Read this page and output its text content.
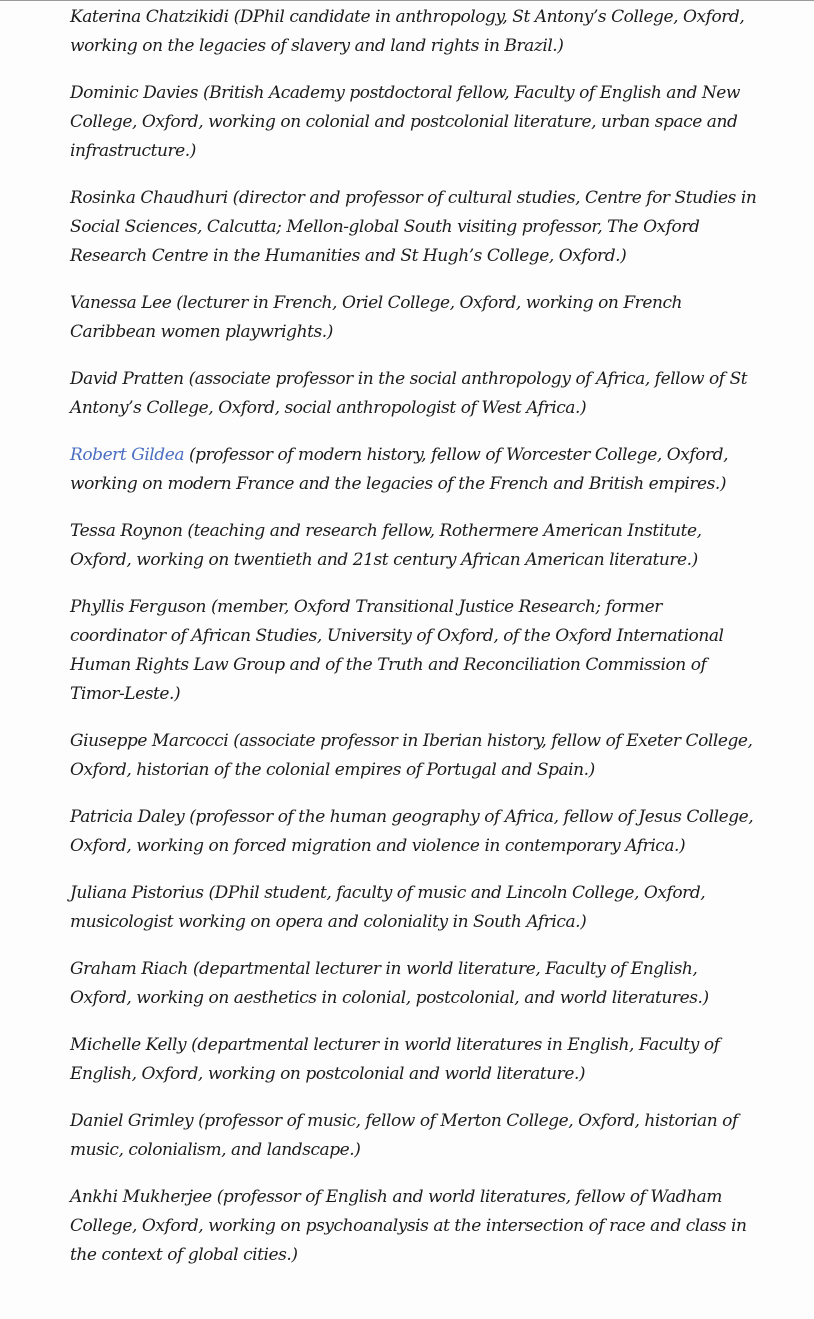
Katerina Chatzikidi (DPhil candidate in anthropology, St Antony’s College, Oxford, working on the legacies of slavery and land rights in Brazil.)

Dominic Davies (British Academy postdoctoral fellow, Faculty of English and New College, Oxford, working on colonial and postcolonial literature, urban space and infrastructure.)

Rosinka Chaudhuri (director and professor of cultural studies, Centre for Studies in Social Sciences, Calcutta; Mellon-global South visiting professor, The Oxford Research Centre in the Humanities and St Hugh’s College, Oxford.)

Vanessa Lee (lecturer in French, Oriel College, Oxford, working on French Caribbean women playwrights.)

David Pratten (associate professor in the social anthropology of Africa, fellow of St Antony’s College, Oxford, social anthropologist of West Africa.)

Robert Gildea (professor of modern history, fellow of Worcester College, Oxford, working on modern France and the legacies of the French and British empires.)

Tessa Roynon (teaching and research fellow, Rothermere American Institute, Oxford, working on twentieth and 21st century African American literature.)

Phyllis Ferguson (member, Oxford Transitional Justice Research; former coordinator of African Studies, University of Oxford, of the Oxford International Human Rights Law Group and of the Truth and Reconciliation Commission of Timor-Leste.)

Giuseppe Marcocci (associate professor in Iberian history, fellow of Exeter College, Oxford, historian of the colonial empires of Portugal and Spain.)

Patricia Daley (professor of the human geography of Africa, fellow of Jesus College, Oxford, working on forced migration and violence in contemporary Africa.)

Juliana Pistorius (DPhil student, faculty of music and Lincoln College, Oxford, musicologist working on opera and coloniality in South Africa.)

Graham Riach (departmental lecturer in world literature, Faculty of English, Oxford, working on aesthetics in colonial, postcolonial, and world literatures.)

Michelle Kelly (departmental lecturer in world literatures in English, Faculty of English, Oxford, working on postcolonial and world literature.)

Daniel Grimley (professor of music, fellow of Merton College, Oxford, historian of music, colonialism, and landscape.)

Ankhi Mukherjee (professor of English and world literatures, fellow of Wadham College, Oxford, working on psychoanalysis at the intersection of race and class in the context of global cities.)
